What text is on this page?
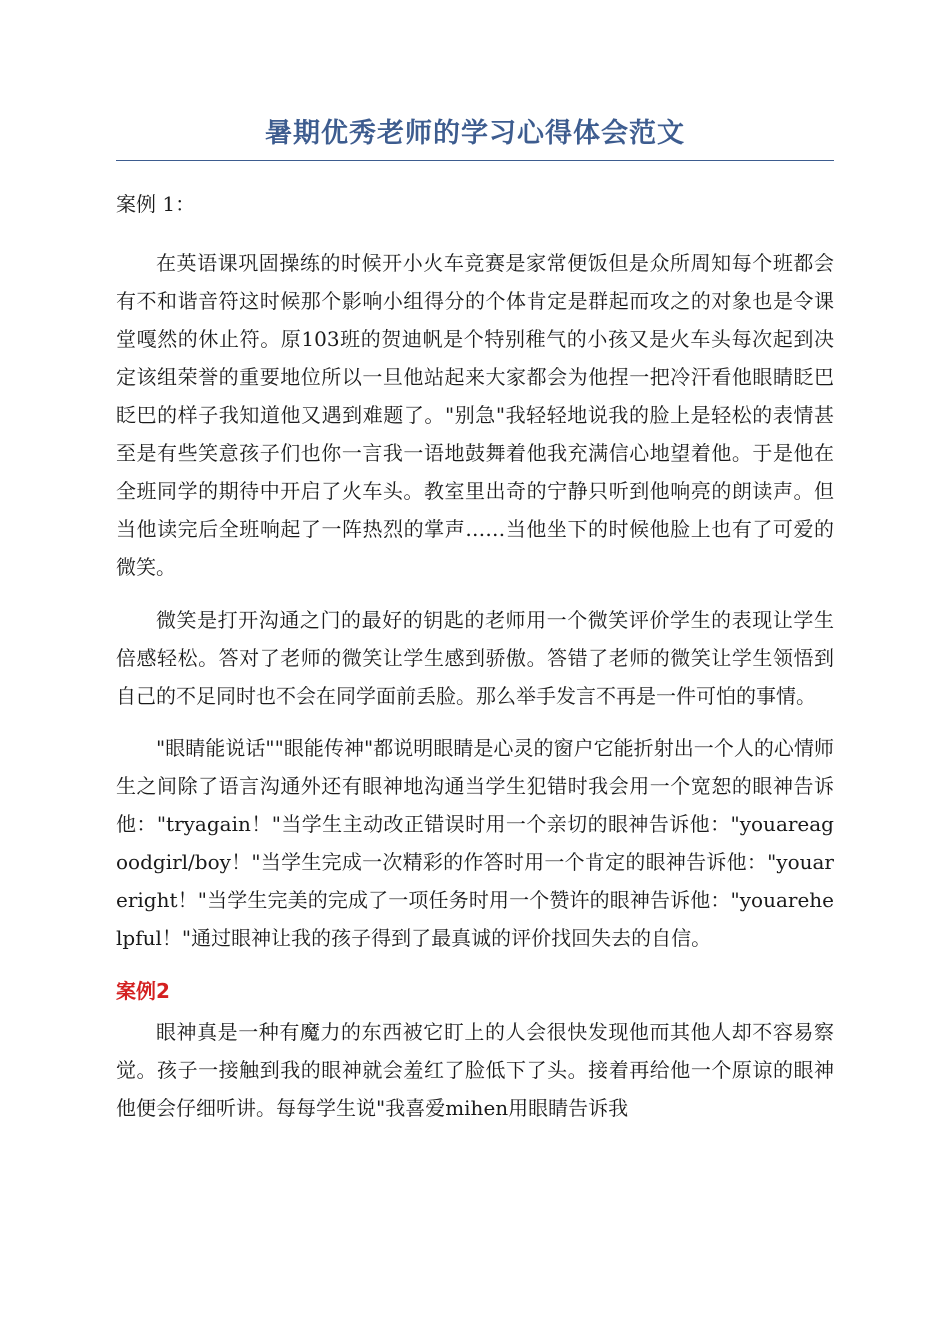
暑期优秀老师的学习心得体会范文

案例 1：

在英语课巩固操练的时候开小火车竞赛是家常便饭但是众所周知每个班都会有不和谐音符这时候那个影响小组得分的个体肯定是群起而攻之的对象也是令课堂嘎然的休止符。原103班的贺迪帆是个特别稚气的小孩又是火车头每次起到决定该组荣誉的重要地位所以一旦他站起来大家都会为他捏一把冷汗看他眼睛眨巴眨巴的样子我知道他又遇到难题了。"别急"我轻轻地说我的脸上是轻松的表情甚至是有些笑意孩子们也你一言我一语地鼓舞着他我充满信心地望着他。于是他在全班同学的期待中开启了火车头。教室里出奇的宁静只听到他响亮的朗读声。但当他读完后全班响起了一阵热烈的掌声……当他坐下的时候他脸上也有了可爱的微笑。

微笑是打开沟通之门的最好的钥匙的老师用一个微笑评价学生的表现让学生倍感轻松。答对了老师的微笑让学生感到骄傲。答错了老师的微笑让学生领悟到自己的不足同时也不会在同学面前丢脸。那么举手发言不再是一件可怕的事情。

"眼睛能说话""眼能传神"都说明眼睛是心灵的窗户它能折射出一个人的心情师生之间除了语言沟通外还有眼神地沟通当学生犯错时我会用一个宽恕的眼神告诉他："tryagain！"当学生主动改正错误时用一个亲切的眼神告诉他："youareagoodgirl/boy！"当学生完成一次精彩的作答时用一个肯定的眼神告诉他："youareright！"当学生完美的完成了一项任务时用一个赞许的眼神告诉他："youarehelpful！"通过眼神让我的孩子得到了最真诚的评价找回失去的自信。

案例2

眼神真是一种有魔力的东西被它盯上的人会很快发现他而其他人却不容易察觉。孩子一接触到我的眼神就会羞红了脸低下了头。接着再给他一个原谅的眼神他便会仔细听讲。每每学生说"我喜爱mihen用眼睛告诉我
